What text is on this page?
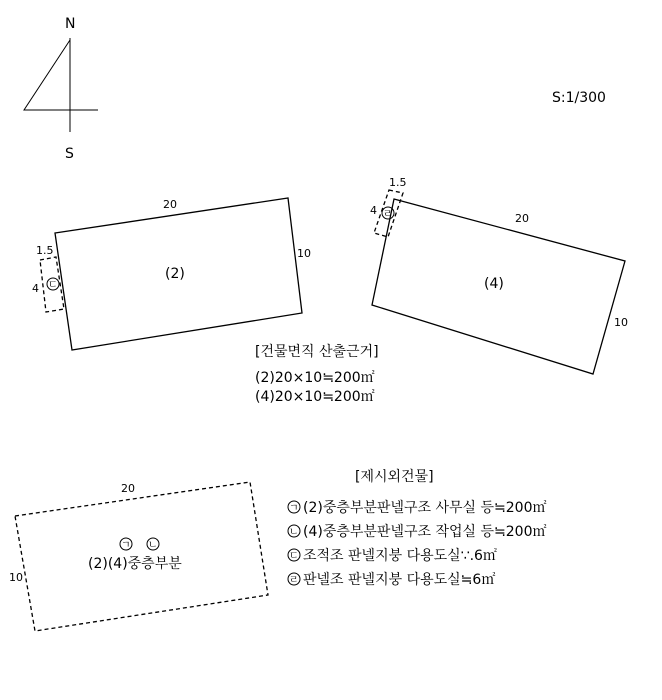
N
S
S:1/300
(2)
20
10
1.5
4 ㄷ	(4)
20
10
1.5
4 ㄹ
[건물면직 산출근거]
(2)20×10≒200㎡
(4)20×10≒200㎡
20
10
ㄱ ㄴ
(2)(4)중층부분
[제시외건물]
ㄱ (2)중층부분판넬구조 사무실 등≒200㎡
ㄴ (4)중층부분판넬구조 작업실 등≒200㎡
ㄷ 조적조 판넬지붕 다용도실∵.6㎡
ㄹ 판넬조 판넬지붕 다용도실≒6㎡
